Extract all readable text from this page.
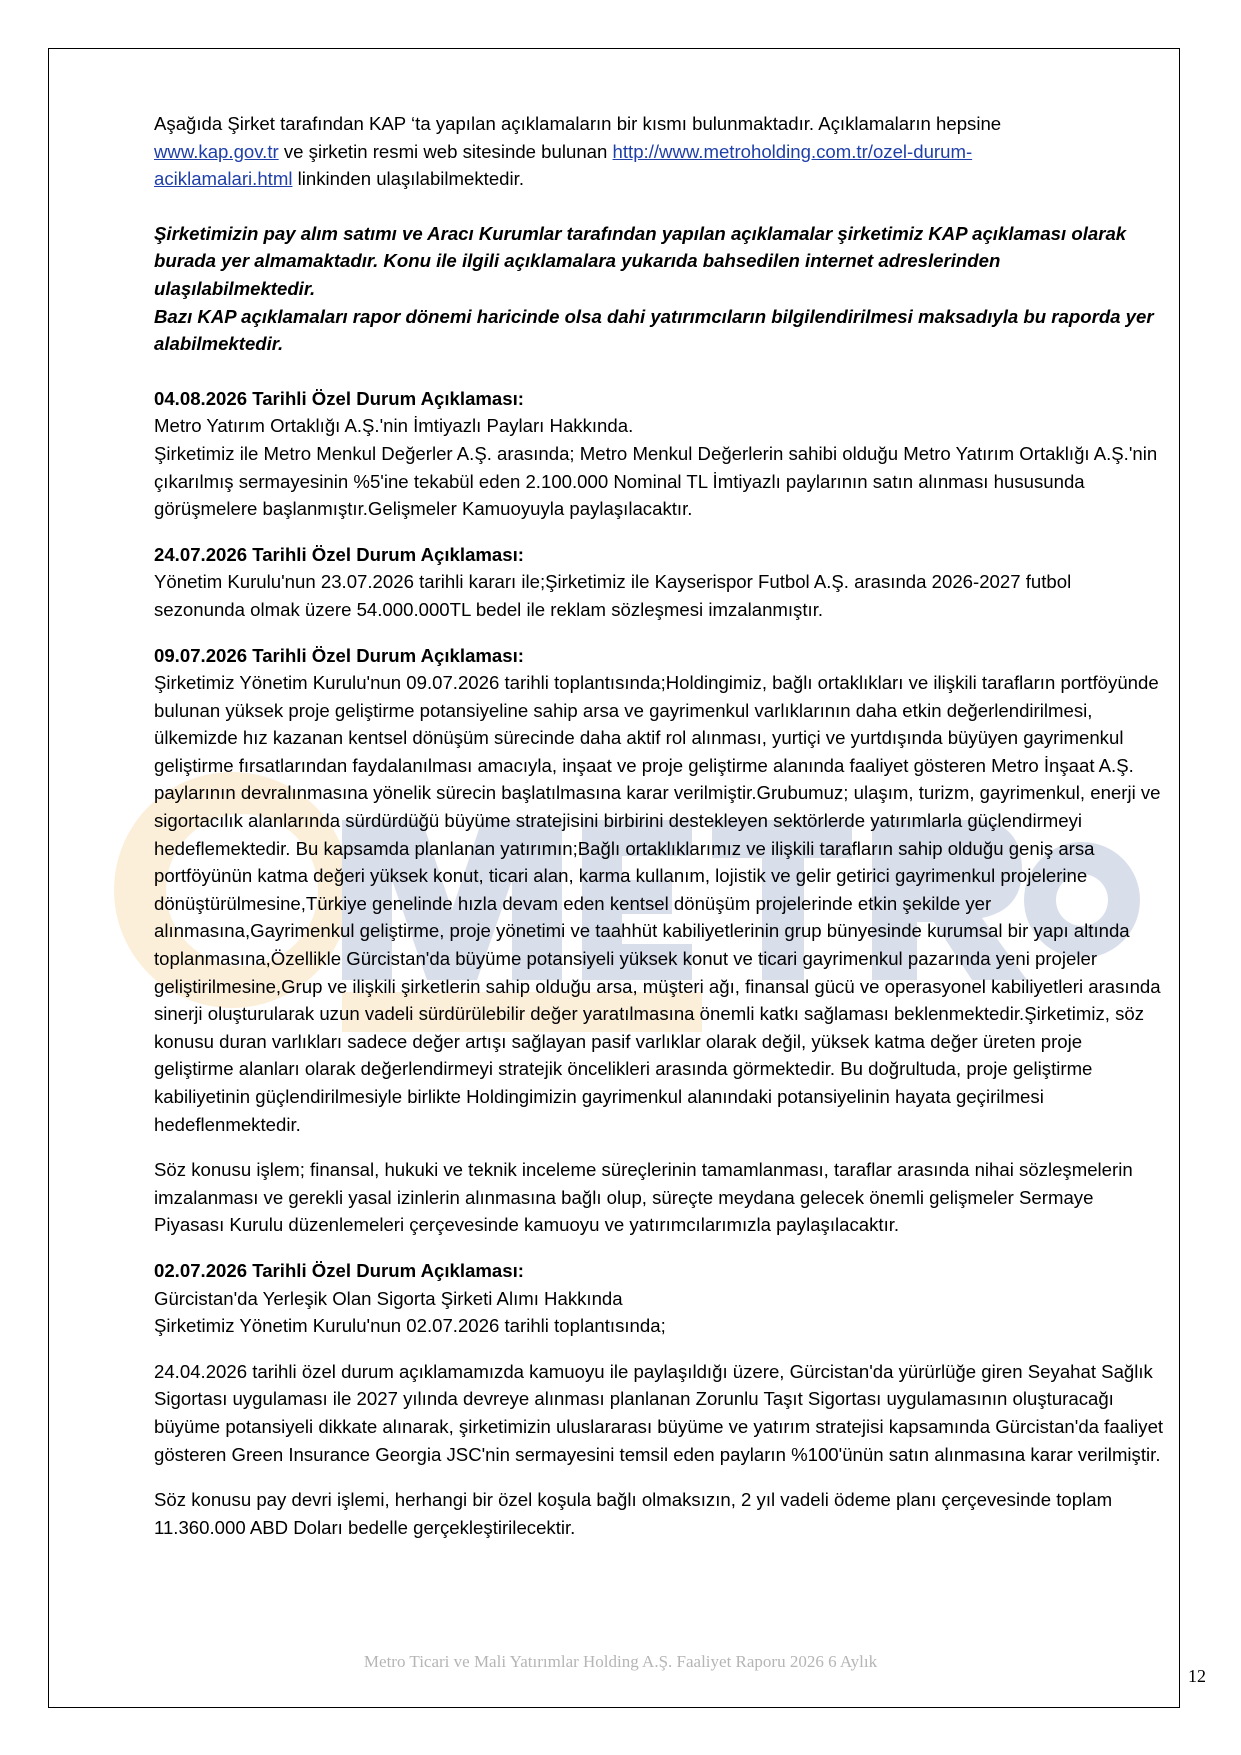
Aşağıda Şirket tarafından KAP ‘ta yapılan açıklamaların bir kısmı bulunmaktadır. Açıklamaların hepsine
www.kap.gov.tr ve şirketin resmi web sitesinde bulunan http://www.metroholding.com.tr/ozel-durum-
aciklamalari.html linkinden ulaşılabilmektedir.

Şirketimizin pay alım satımı ve Aracı Kurumlar tarafından yapılan açıklamalar şirketimiz KAP açıklaması olarak burada yer almamaktadır. Konu ile ilgili açıklamalara yukarıda bahsedilen internet adreslerinden ulaşılabilmektedir.

Bazı KAP açıklamaları rapor dönemi haricinde olsa dahi yatırımcıların bilgilendirilmesi maksadıyla bu raporda yer alabilmektedir.

04.08.2026 Tarihli Özel Durum Açıklaması:

Metro Yatırım Ortaklığı A.Ş.'nin İmtiyazlı Payları Hakkında.

Şirketimiz ile Metro Menkul Değerler A.Ş. arasında; Metro Menkul Değerlerin sahibi olduğu Metro Yatırım Ortaklığı A.Ş.'nin çıkarılmış sermayesinin %5'ine tekabül eden 2.100.000 Nominal TL İmtiyazlı paylarının satın alınması hususunda görüşmelere başlanmıştır.Gelişmeler Kamuoyuyla paylaşılacaktır.

24.07.2026 Tarihli Özel Durum Açıklaması:

Yönetim Kurulu'nun 23.07.2026 tarihli kararı ile;Şirketimiz ile Kayserispor Futbol A.Ş. arasında 2026-2027 futbol sezonunda olmak üzere 54.000.000TL bedel ile reklam sözleşmesi imzalanmıştır.

09.07.2026 Tarihli Özel Durum Açıklaması:

Şirketimiz Yönetim Kurulu'nun 09.07.2026 tarihli toplantısında;Holdingimiz, bağlı ortaklıkları ve ilişkili tarafların portföyünde bulunan yüksek proje geliştirme potansiyeline sahip arsa ve gayrimenkul varlıklarının daha etkin değerlendirilmesi, ülkemizde hız kazanan kentsel dönüşüm sürecinde daha aktif rol alınması, yurtiçi ve yurtdışında büyüyen gayrimenkul geliştirme fırsatlarından faydalanılması amacıyla, inşaat ve proje geliştirme alanında faaliyet gösteren Metro İnşaat A.Ş. paylarının devralınmasına yönelik sürecin başlatılmasına karar verilmiştir.Grubumuz; ulaşım, turizm, gayrimenkul, enerji ve sigortacılık alanlarında sürdürdüğü büyüme stratejisini birbirini destekleyen sektörlerde yatırımlarla güçlendirmeyi hedeflemektedir. Bu kapsamda planlanan yatırımın;Bağlı ortaklıklarımız ve ilişkili tarafların sahip olduğu geniş arsa portföyünün katma değeri yüksek konut, ticari alan, karma kullanım, lojistik ve gelir getirici gayrimenkul projelerine dönüştürülmesine,Türkiye genelinde hızla devam eden kentsel dönüşüm projelerinde etkin şekilde yer alınmasına,Gayrimenkul geliştirme, proje yönetimi ve taahhüt kabiliyetlerinin grup bünyesinde kurumsal bir yapı altında toplanmasına,Özellikle Gürcistan'da büyüme potansiyeli yüksek konut ve ticari gayrimenkul pazarında yeni projeler geliştirilmesine,Grup ve ilişkili şirketlerin sahip olduğu arsa, müşteri ağı, finansal gücü ve operasyonel kabiliyetleri arasında sinerji oluşturularak uzun vadeli sürdürülebilir değer yaratılmasına önemli katkı sağlaması beklenmektedir.Şirketimiz, söz konusu duran varlıkları sadece değer artışı sağlayan pasif varlıklar olarak değil, yüksek katma değer üreten proje geliştirme alanları olarak değerlendirmeyi stratejik öncelikleri arasında görmektedir. Bu doğrultuda, proje geliştirme kabiliyetinin güçlendirilmesiyle birlikte Holdingimizin gayrimenkul alanındaki potansiyelinin hayata geçirilmesi hedeflenmektedir.

Söz konusu işlem; finansal, hukuki ve teknik inceleme süreçlerinin tamamlanması, taraflar arasında nihai sözleşmelerin imzalanması ve gerekli yasal izinlerin alınmasına bağlı olup, süreçte meydana gelecek önemli gelişmeler Sermaye Piyasası Kurulu düzenlemeleri çerçevesinde kamuoyu ve yatırımcılarımızla paylaşılacaktır.

02.07.2026 Tarihli Özel Durum Açıklaması:

Gürcistan'da Yerleşik Olan Sigorta Şirketi Alımı Hakkında

Şirketimiz Yönetim Kurulu'nun 02.07.2026 tarihli toplantısında;

24.04.2026 tarihli özel durum açıklamamızda kamuoyu ile paylaşıldığı üzere, Gürcistan'da yürürlüğe giren Seyahat Sağlık Sigortası uygulaması ile 2027 yılında devreye alınması planlanan Zorunlu Taşıt Sigortası uygulamasının oluşturacağı büyüme potansiyeli dikkate alınarak, şirketimizin uluslararası büyüme ve yatırım stratejisi kapsamında Gürcistan'da faaliyet gösteren Green Insurance Georgia JSC'nin sermayesini temsil eden payların %100'ünün satın alınmasına karar verilmiştir.

Söz konusu pay devri işlemi, herhangi bir özel koşula bağlı olmaksızın, 2 yıl vadeli ödeme planı çerçevesinde toplam 11.360.000 ABD Doları bedelle gerçekleştirilecektir.

Metro Ticari ve Mali Yatırımlar Holding A.Ş. Faaliyet Raporu 2026 6 Aylık
12
